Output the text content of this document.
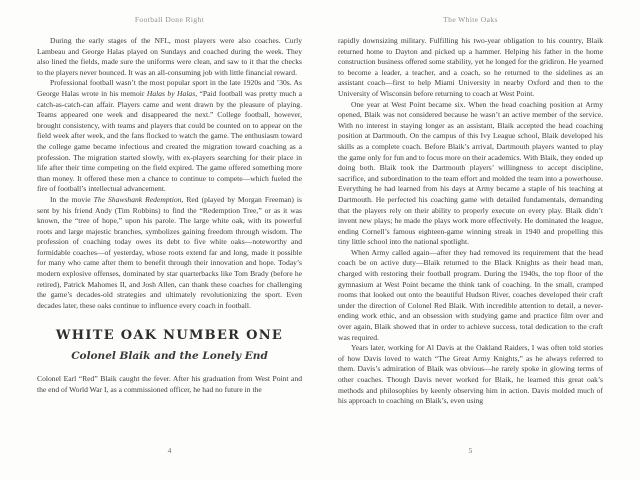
Football Done Right

During the early stages of the NFL, most players were also coaches. Curly Lambeau and George Halas played on Sundays and coached during the week. They also lined the fields, made sure the uniforms were clean, and saw to it that the checks to the players never bounced. It was an all-consuming job with little financial reward.

Professional football wasn’t the most popular sport in the late 1920s and ’30s. As George Halas wrote in his memoir Halas by Halas, “Paid football was pretty much a catch-as-catch-can affair. Players came and went drawn by the pleasure of playing. Teams appeared one week and disappeared the next.” College football, however, brought consistency, with teams and players that could be counted on to appear on the field week after week, and the fans flocked to watch the game. The enthusiasm toward the college game became infectious and created the migration toward coaching as a profession. The migration started slowly, with ex-players searching for their place in life after their time competing on the field expired. The game offered something more than money. It offered these men a chance to continue to compete—which fueled the fire of football’s intellectual advancement.

In the movie The Shawshank Redemption, Red (played by Morgan Freeman) is sent by his friend Andy (Tim Robbins) to find the “Redemption Tree,” or as it was known, the “tree of hope,” upon his parole. The large white oak, with its powerful roots and large majestic branches, symbolizes gaining freedom through wisdom. The profession of coaching today owes its debt to five white oaks—noteworthy and formidable coaches—of yesterday, whose roots extend far and long, made it possible for many who came after them to benefit through their innovation and hope. Today’s modern explosive offenses, dominated by star quarterbacks like Tom Brady (before he retired), Patrick Mahomes II, and Josh Allen, can thank these coaches for challenging the game’s decades-old strategies and ultimately revolutionizing the sport. Even decades later, these oaks continue to influence every coach in football.

WHITE OAK NUMBER ONE
Colonel Blaik and the Lonely End

Colonel Earl “Red” Blaik caught the fever. After his graduation from West Point and the end of World War I, as a commissioned officer, he had no future in the

4
The White Oaks

rapidly downsizing military. Fulfilling his two-year obligation to his country, Blaik returned home to Dayton and picked up a hammer. Helping his father in the home construction business offered some stability, yet he longed for the gridiron. He yearned to become a leader, a teacher, and a coach, so he returned to the sidelines as an assistant coach—first to help Miami University in nearby Oxford and then to the University of Wisconsin before returning to coach at West Point.

One year at West Point became six. When the head coaching position at Army opened, Blaik was not considered because he wasn’t an active member of the service. With no interest in staying longer as an assistant, Blaik accepted the head coaching position at Dartmouth. On the campus of this Ivy League school, Blaik developed his skills as a complete coach. Before Blaik’s arrival, Dartmouth players wanted to play the game only for fun and to focus more on their academics. With Blaik, they ended up doing both. Blaik took the Dartmouth players’ willingness to accept discipline, sacrifice, and subordination to the team effort and molded the team into a powerhouse. Everything he had learned from his days at Army became a staple of his teaching at Dartmouth. He perfected his coaching game with detailed fundamentals, demanding that the players rely on their ability to properly execute on every play. Blaik didn’t invent new plays; he made the plays work more effectively. He dominated the league, ending Cornell’s famous eighteen-game winning streak in 1940 and propelling this tiny little school into the national spotlight.

When Army called again—after they had removed its requirement that the head coach be on active duty—Blaik returned to the Black Knights as their head man, charged with restoring their football program. During the 1940s, the top floor of the gymnasium at West Point became the think tank of coaching. In the small, cramped rooms that looked out onto the beautiful Hudson River, coaches developed their craft under the direction of Colonel Red Blaik. With incredible attention to detail, a never-ending work ethic, and an obsession with studying game and practice film over and over again, Blaik showed that in order to achieve success, total dedication to the craft was required.

Years later, working for Al Davis at the Oakland Raiders, I was often told stories of how Davis loved to watch “The Great Army Knights,” as he always referred to them. Davis’s admiration of Blaik was obvious—he rarely spoke in glowing terms of other coaches. Though Davis never worked for Blaik, he learned this great oak’s methods and philosophies by keenly observing him in action. Davis molded much of his approach to coaching on Blaik’s, even using

5
